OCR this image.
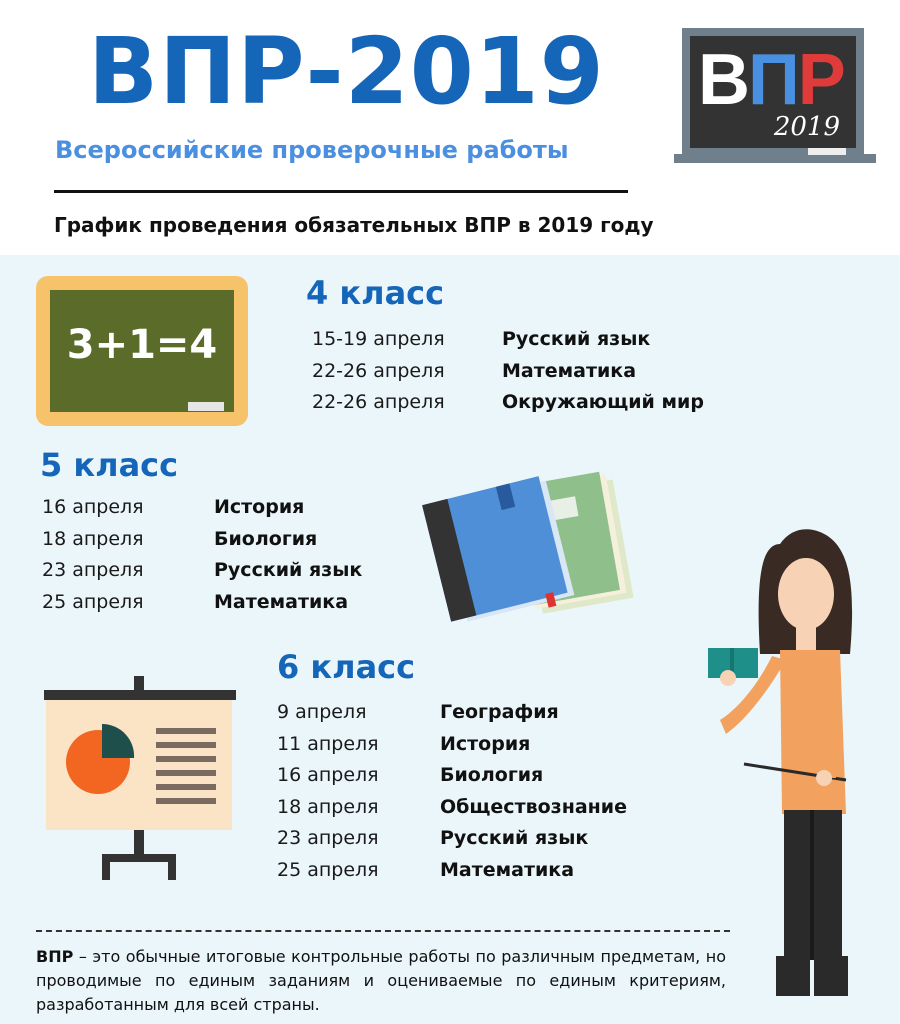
ВПР-2019
Всероссийские проверочные работы
График проведения обязательных ВПР в 2019 году
ВПР
2019
3+1=4
4 класс
15-19 апреля	Русский язык
22-26 апреля	Математика
22-26 апреля	Окружающий мир
5 класс
16 апреля	История
18 апреля	Биология
23 апреля	Русский язык
25 апреля	Математика
6 класс
9 апреля	География
11 апреля	История
16 апреля	Биология
18 апреля	Обществознание
23 апреля	Русский язык
25 апреля	Математика
ВПР – это обычные итоговые контрольные работы по различным предметам, но проводимые по единым заданиям и оцениваемые по единым критериям, разработанным для всей страны.
